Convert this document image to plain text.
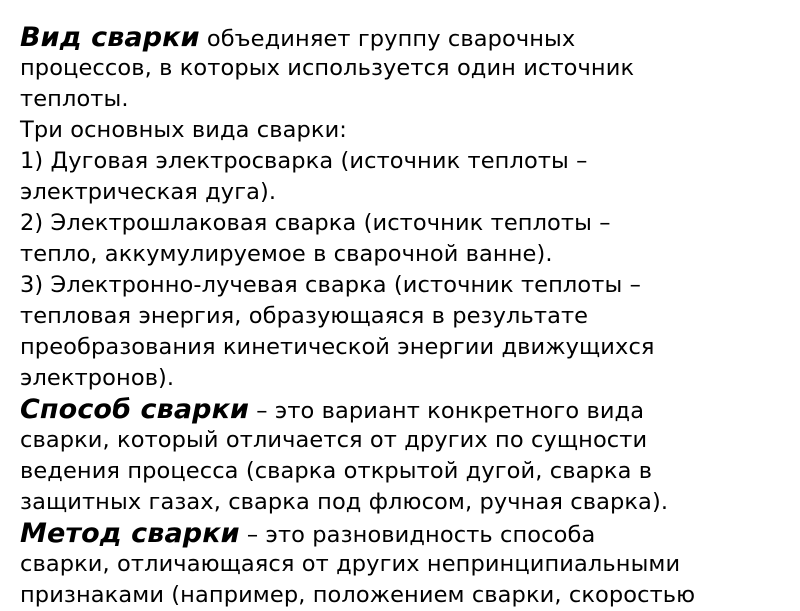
Вид сварки объединяет группу сварочных
процессов, в которых используется один источник
теплоты.
Три основных вида сварки:
1) Дуговая электросварка (источник теплоты –
электрическая дуга).
2) Электрошлаковая сварка (источник теплоты –
тепло, аккумулируемое в сварочной ванне).
3) Электронно-лучевая сварка (источник теплоты –
тепловая энергия, образующаяся в результате
преобразования кинетической энергии движущихся
электронов).
Способ сварки – это вариант конкретного вида
сварки, который отличается от других по сущности
ведения процесса (сварка открытой дугой, сварка в
защитных газах, сварка под флюсом, ручная сварка).
Метод сварки – это разновидность способа
сварки, отличающаяся от других непринципиальными
признаками (например, положением сварки, скоростью
